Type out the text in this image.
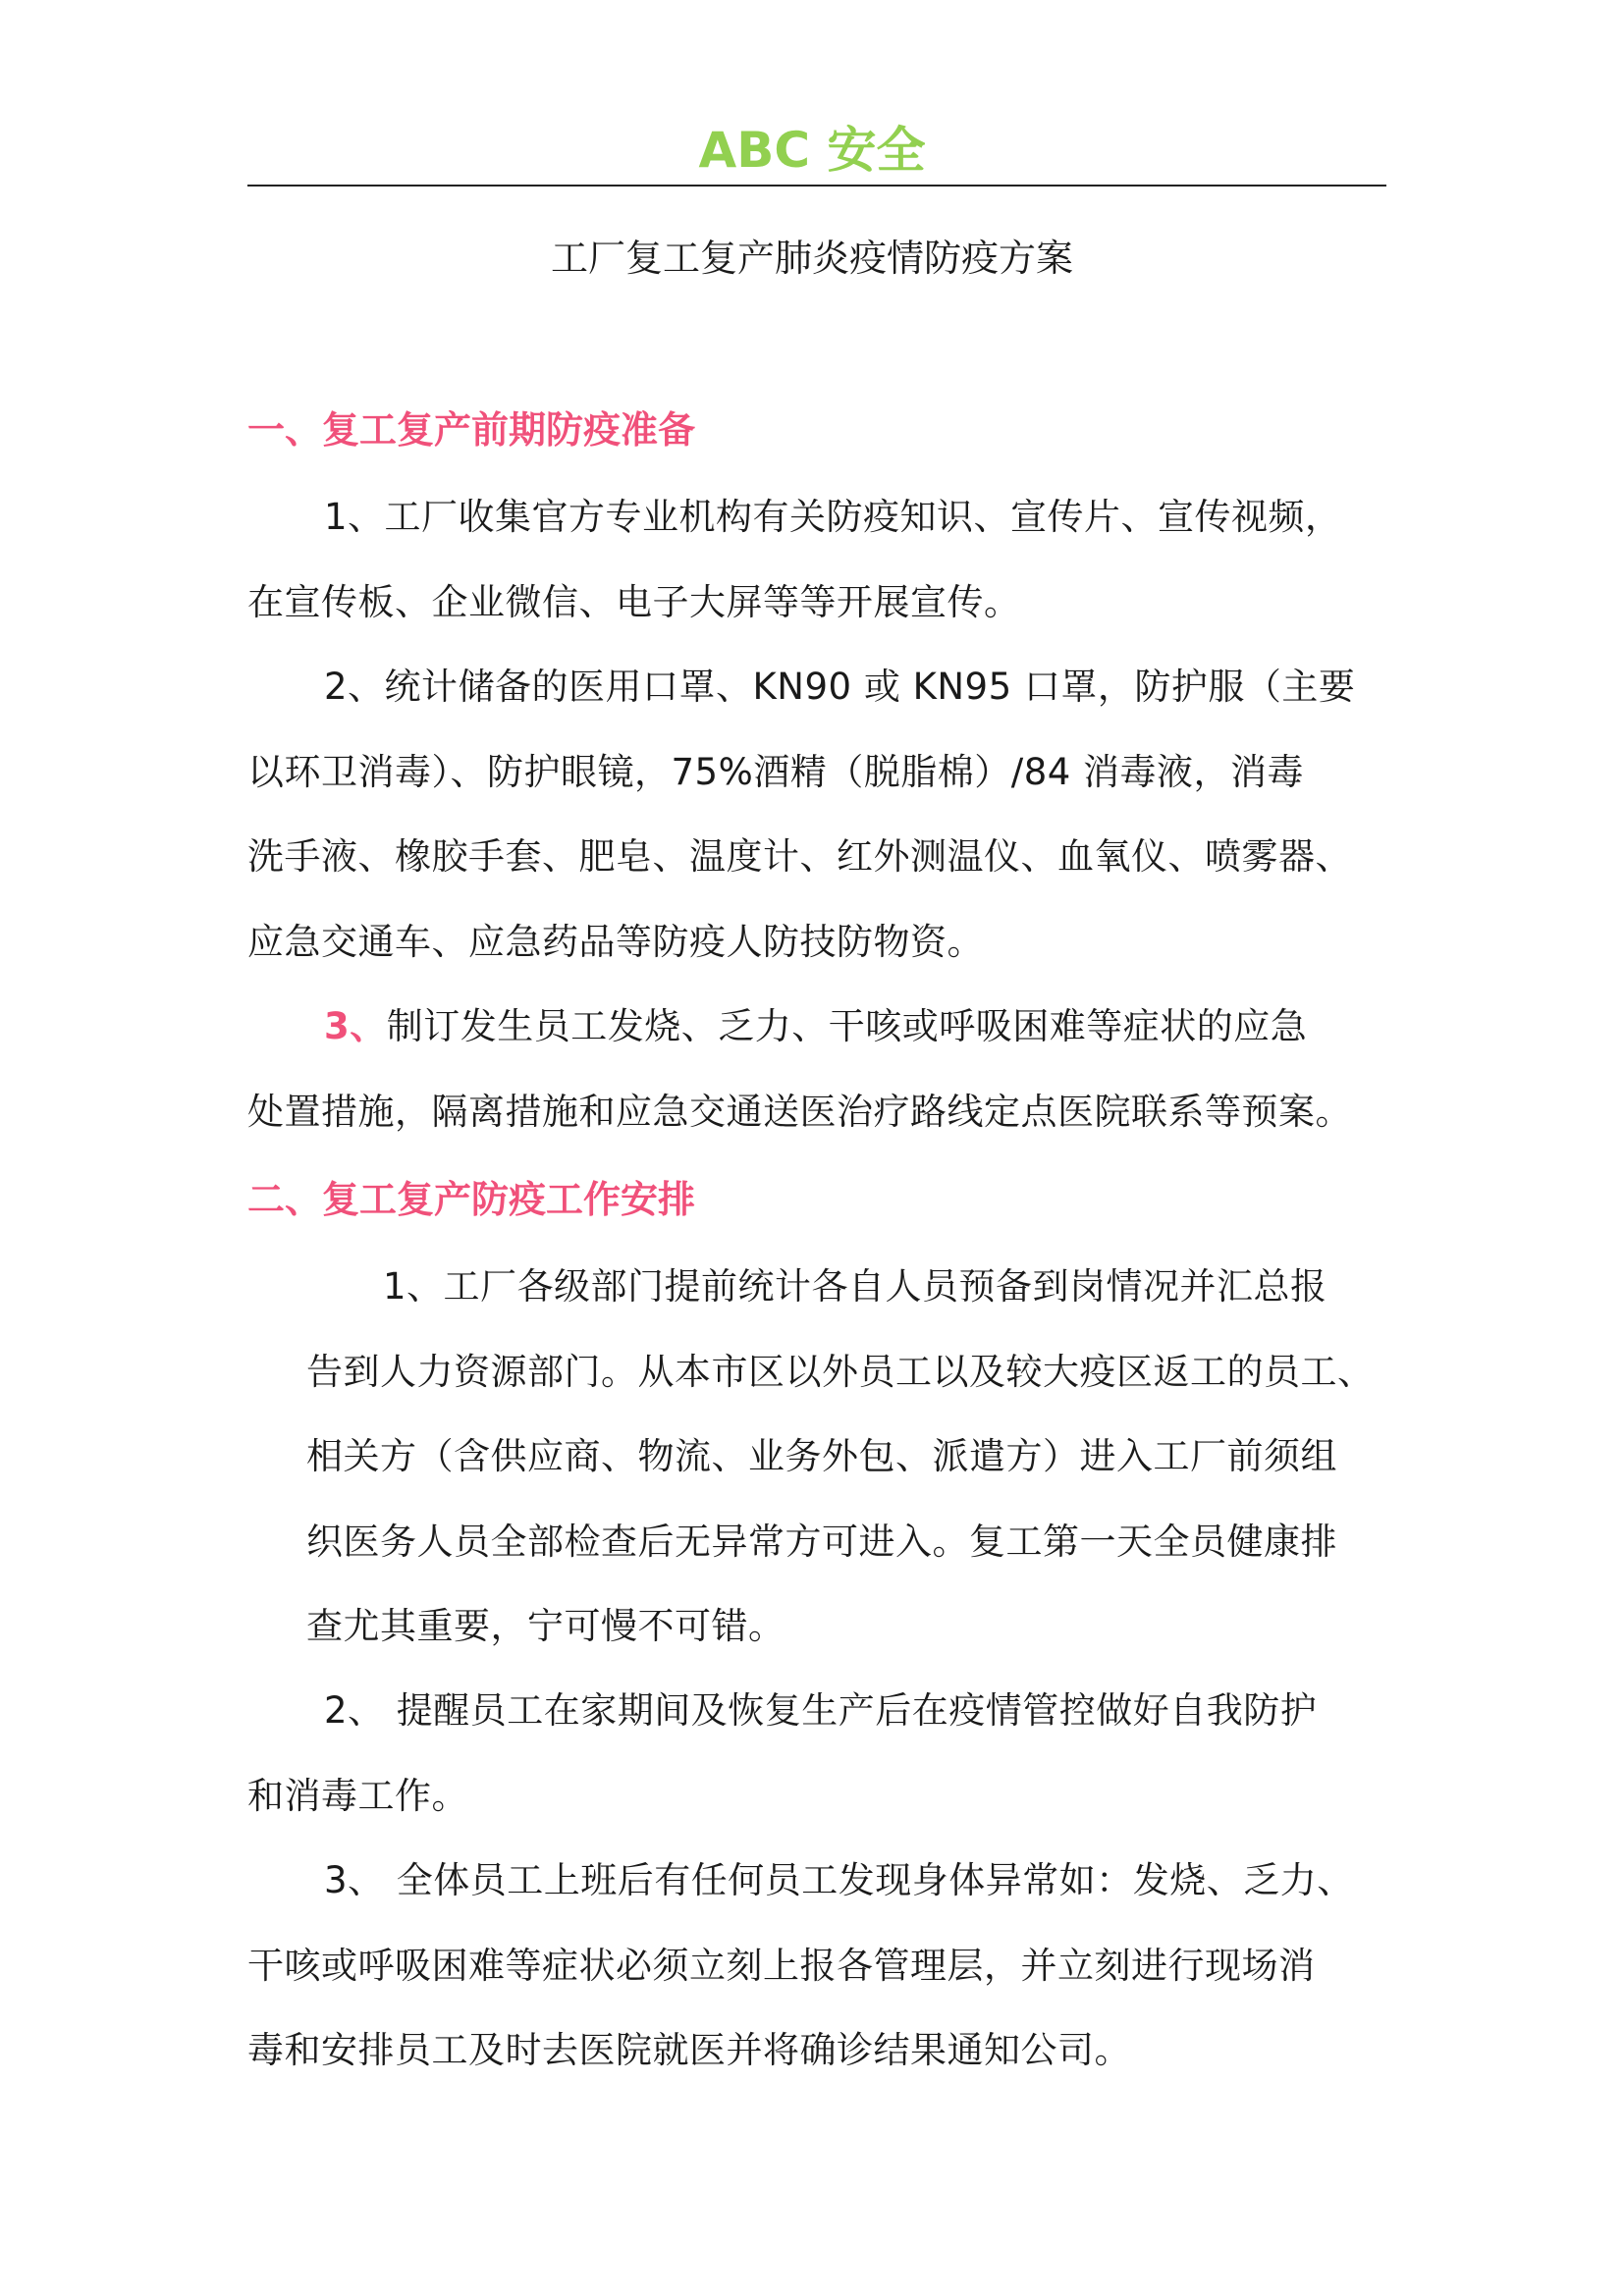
ABC 安全
工厂复工复产肺炎疫情防疫方案
一、复工复产前期防疫准备
1、工厂收集官方专业机构有关防疫知识、宣传片、宣传视频，
在宣传板、企业微信、电子大屏等等开展宣传。
2、统计储备的医用口罩、KN90 或 KN95 口罩，防护服（主要
以环卫消毒）、防护眼镜，75%酒精（脱脂棉）/84 消毒液，消毒
洗手液、橡胶手套、肥皂、温度计、红外测温仪、血氧仪、喷雾器、
应急交通车、应急药品等防疫人防技防物资。
3、制订发生员工发烧、乏力、干咳或呼吸困难等症状的应急
处置措施，隔离措施和应急交通送医治疗路线定点医院联系等预案。
二、复工复产防疫工作安排
1、工厂各级部门提前统计各自人员预备到岗情况并汇总报
告到人力资源部门。从本市区以外员工以及较大疫区返工的员工、
相关方（含供应商、物流、业务外包、派遣方）进入工厂前须组
织医务人员全部检查后无异常方可进入。复工第一天全员健康排
查尤其重要，宁可慢不可错。
2、 提醒员工在家期间及恢复生产后在疫情管控做好自我防护
和消毒工作。
3、 全体员工上班后有任何员工发现身体异常如：发烧、乏力、
干咳或呼吸困难等症状必须立刻上报各管理层，并立刻进行现场消
毒和安排员工及时去医院就医并将确诊结果通知公司。
